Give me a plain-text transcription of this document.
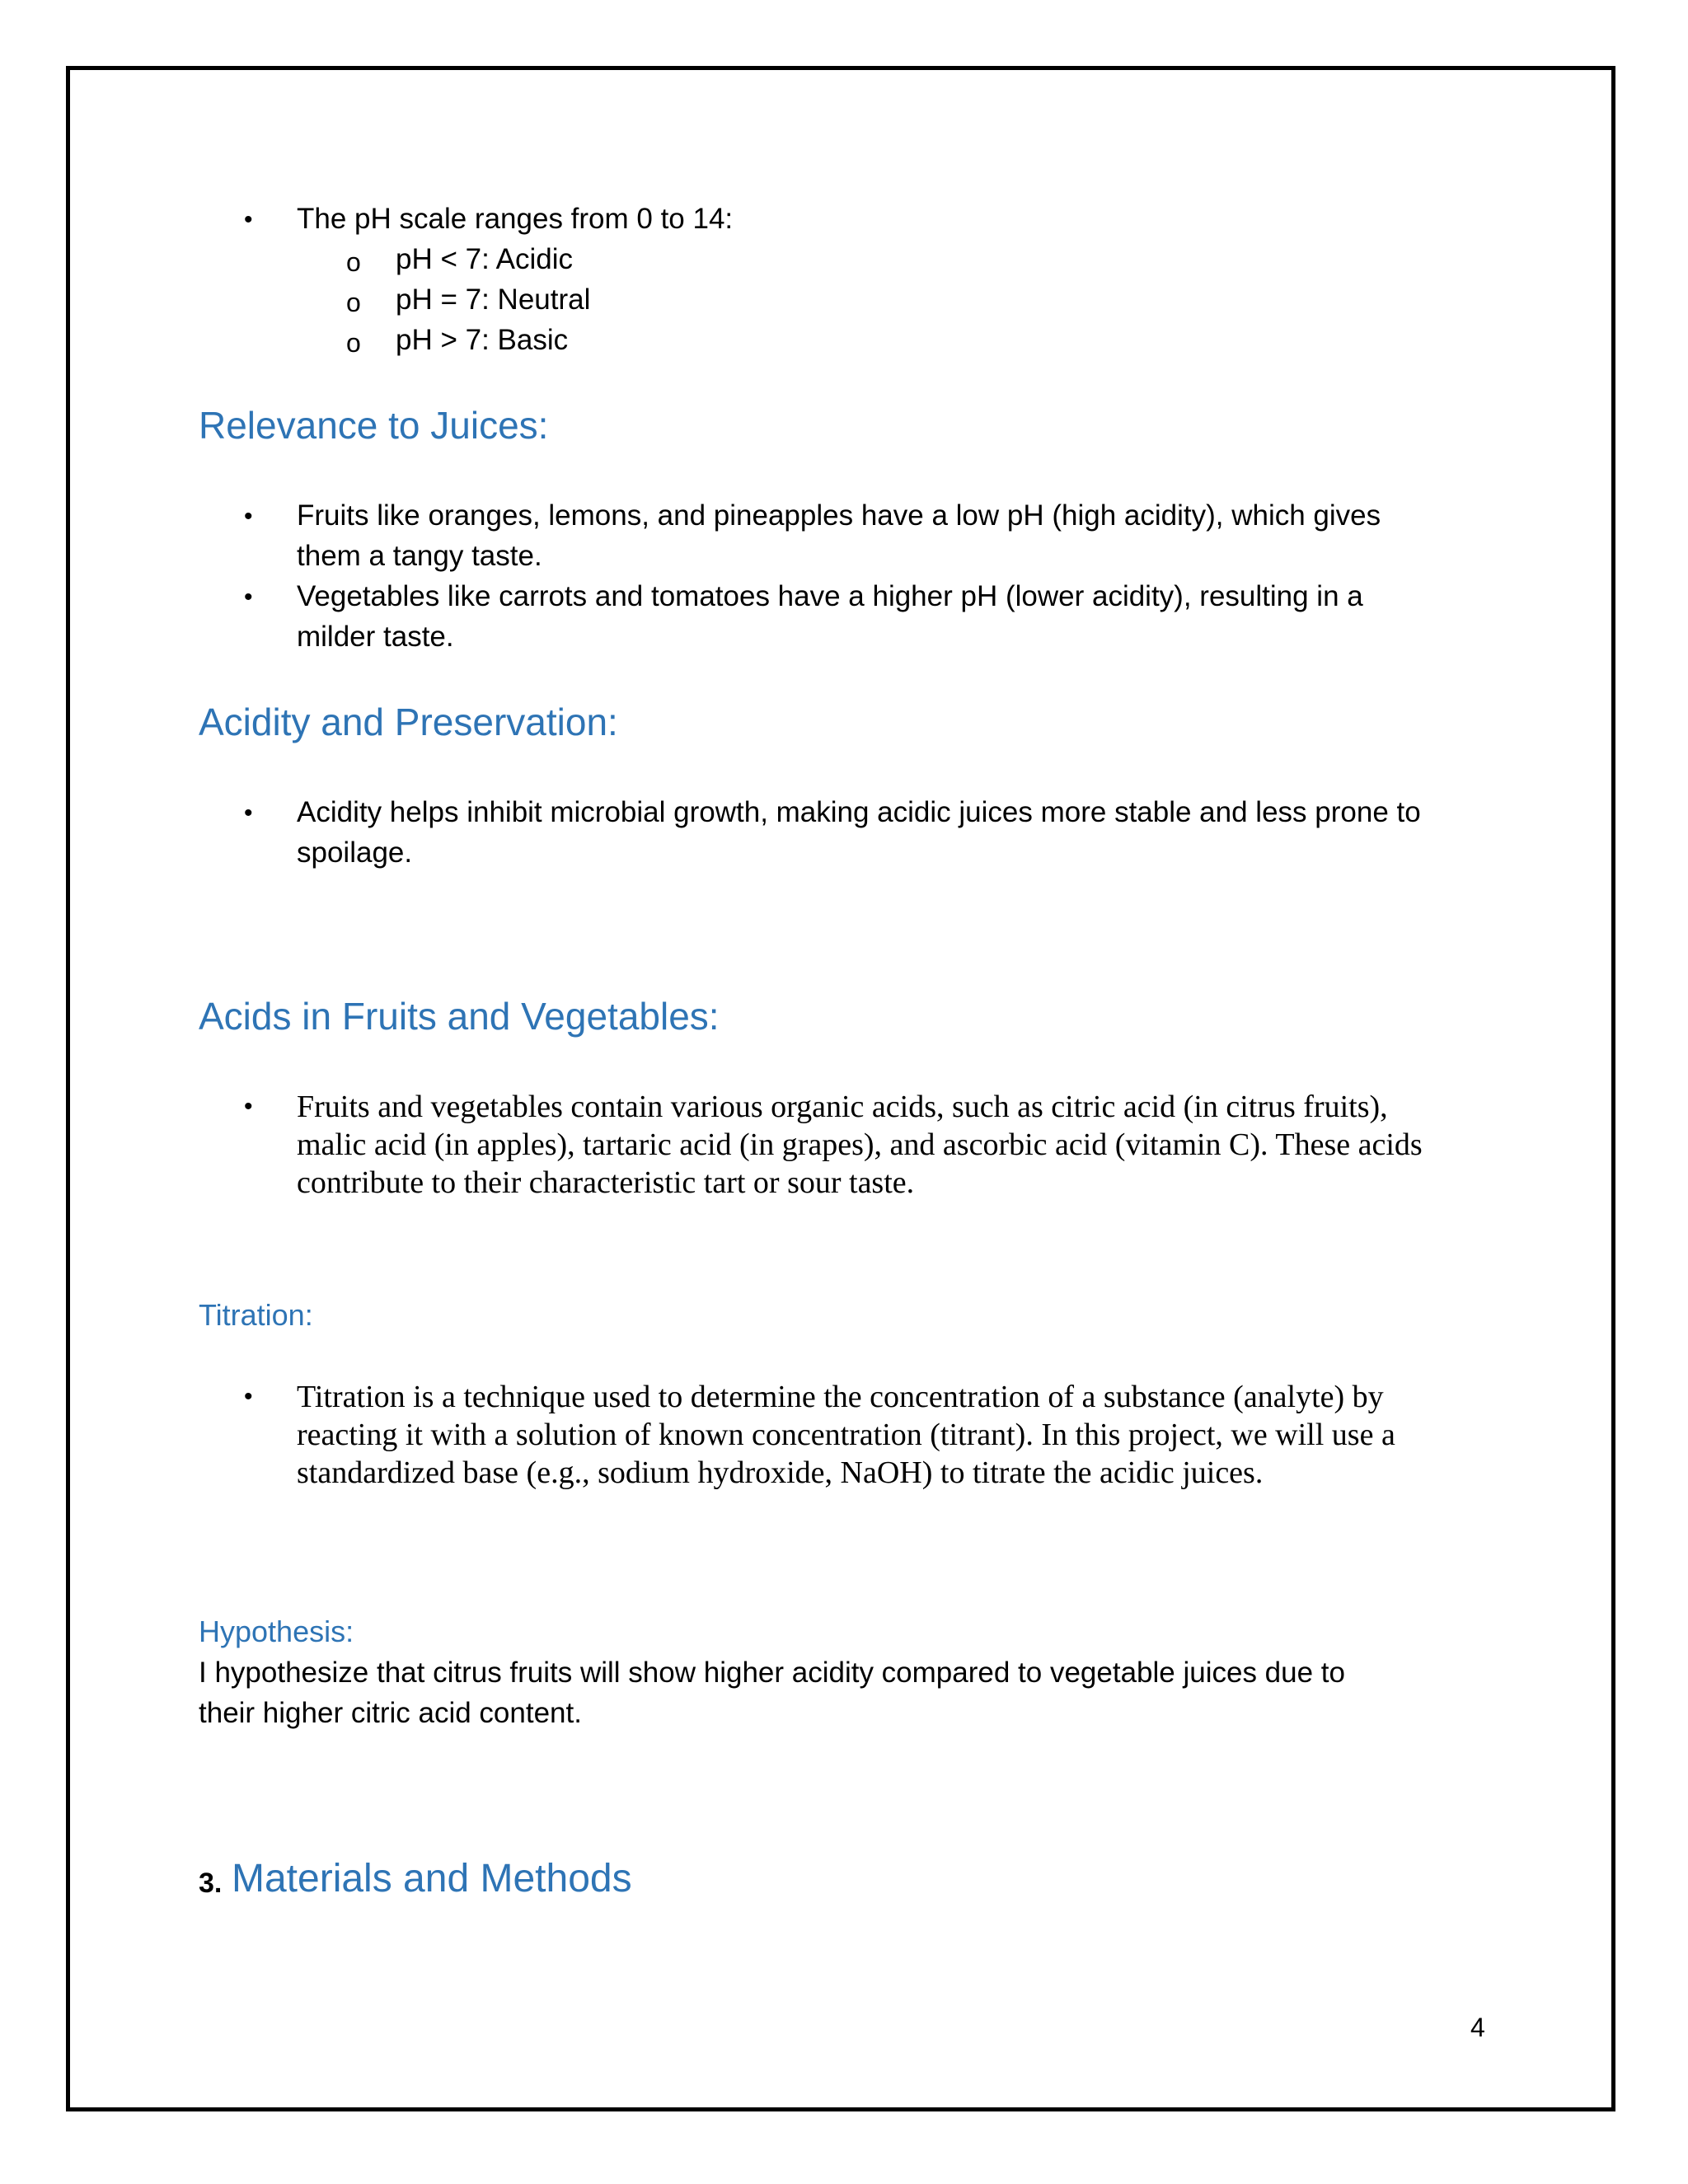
• The pH scale ranges from 0 to 14:
o pH < 7: Acidic
o pH = 7: Neutral
o pH > 7: Basic
Relevance to Juices:
• Fruits like oranges, lemons, and pineapples have a low pH (high acidity), which gives
them a tangy taste.
• Vegetables like carrots and tomatoes have a higher pH (lower acidity), resulting in a
milder taste.
Acidity and Preservation:
• Acidity helps inhibit microbial growth, making acidic juices more stable and less prone to
spoilage.
Acids in Fruits and Vegetables:
• Fruits and vegetables contain various organic acids, such as citric acid (in citrus fruits),
malic acid (in apples), tartaric acid (in grapes), and ascorbic acid (vitamin C). These acids
contribute to their characteristic tart or sour taste.
Titration:
• Titration is a technique used to determine the concentration of a substance (analyte) by
reacting it with a solution of known concentration (titrant). In this project, we will use a
standardized base (e.g., sodium hydroxide, NaOH) to titrate the acidic juices.
Hypothesis:
I hypothesize that citrus fruits will show higher acidity compared to vegetable juices due to
their higher citric acid content.
3. Materials and Methods
4
